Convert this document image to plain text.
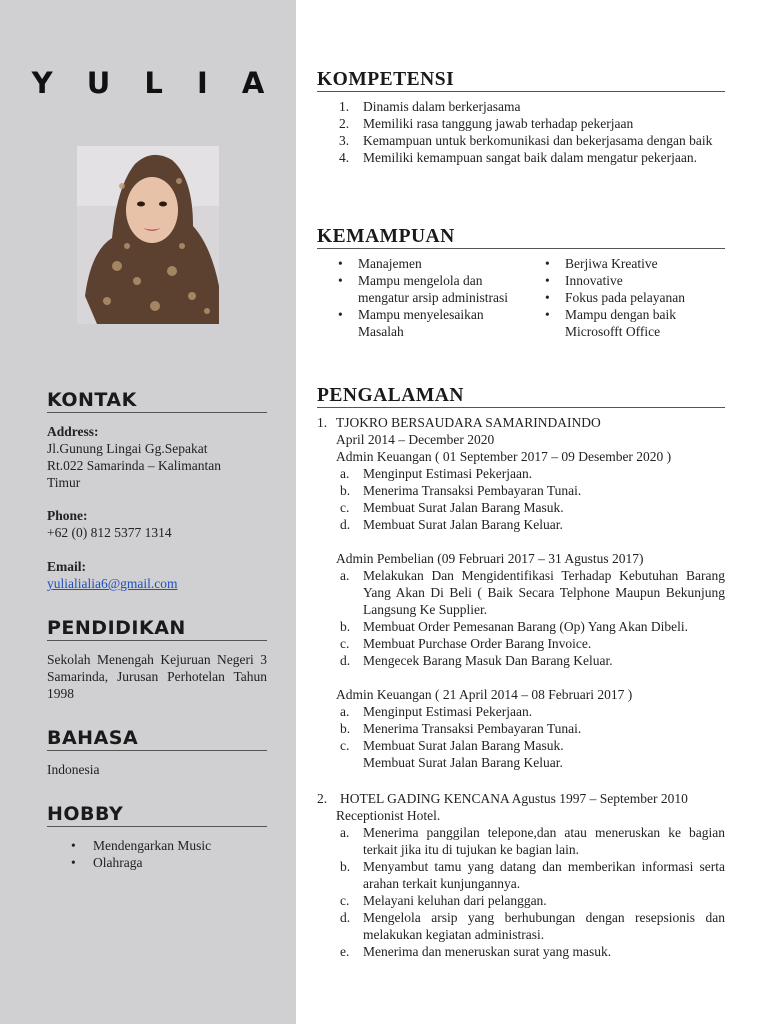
Y U L I A
KONTAK
Address:
Jl.Gunung Lingai Gg.Sepakat
Rt.022 Samarinda – Kalimantan
Timur
Phone:
+62 (0) 812 5377 1314
Email:
yulialialia6@gmail.com
PENDIDIKAN
Sekolah Menengah Kejuruan Negeri 3 Samarinda, Jurusan Perhotelan Tahun 1998
BAHASA
Indonesia
HOBBY
• Mendengarkan Music
• Olahraga
KOMPETENSI
1. Dinamis dalam berkerjasama
2. Memiliki rasa tanggung jawab terhadap pekerjaan
3. Kemampuan untuk berkomunikasi dan bekerjasama dengan baik
4. Memiliki kemampuan sangat baik dalam mengatur pekerjaan.
KEMAMPUAN
• Manajemen
• Mampu mengelola dan mengatur arsip administrasi
• Mampu menyelesaikan Masalah
• Berjiwa Kreative
• Innovative
• Fokus pada pelayanan
• Mampu dengan baik Microsofft Office
PENGALAMAN
1. TJOKRO BERSAUDARA SAMARINDAINDO
April 2014 – December 2020
Admin Keuangan ( 01 September 2017 – 09 Desember 2020 )
a. Menginput Estimasi Pekerjaan.
b. Menerima Transaksi Pembayaran Tunai.
c. Membuat Surat Jalan Barang Masuk.
d. Membuat Surat Jalan Barang Keluar.
Admin Pembelian (09 Februari 2017 – 31 Agustus 2017)
a. Melakukan Dan Mengidentifikasi Terhadap Kebutuhan Barang Yang Akan Di Beli ( Baik Secara Telphone Maupun Bekunjung Langsung Ke Supplier.
b. Membuat Order Pemesanan Barang (Op) Yang Akan Dibeli.
c. Membuat Purchase Order Barang Invoice.
d. Mengecek Barang Masuk Dan Barang Keluar.
Admin Keuangan ( 21 April 2014 – 08 Februari 2017 )
a. Menginput Estimasi Pekerjaan.
b. Menerima Transaksi Pembayaran Tunai.
c. Membuat Surat Jalan Barang Masuk.
Membuat Surat Jalan Barang Keluar.
2. HOTEL GADING KENCANA Agustus 1997 – September 2010
Receptionist Hotel.
a. Menerima panggilan telepone,dan atau meneruskan ke bagian terkait jika itu di tujukan ke bagian lain.
b. Menyambut tamu yang datang dan memberikan informasi serta arahan terkait kunjungannya.
c. Melayani keluhan dari pelanggan.
d. Mengelola arsip yang berhubungan dengan resepsionis dan melakukan kegiatan administrasi.
e. Menerima dan meneruskan surat yang masuk.
